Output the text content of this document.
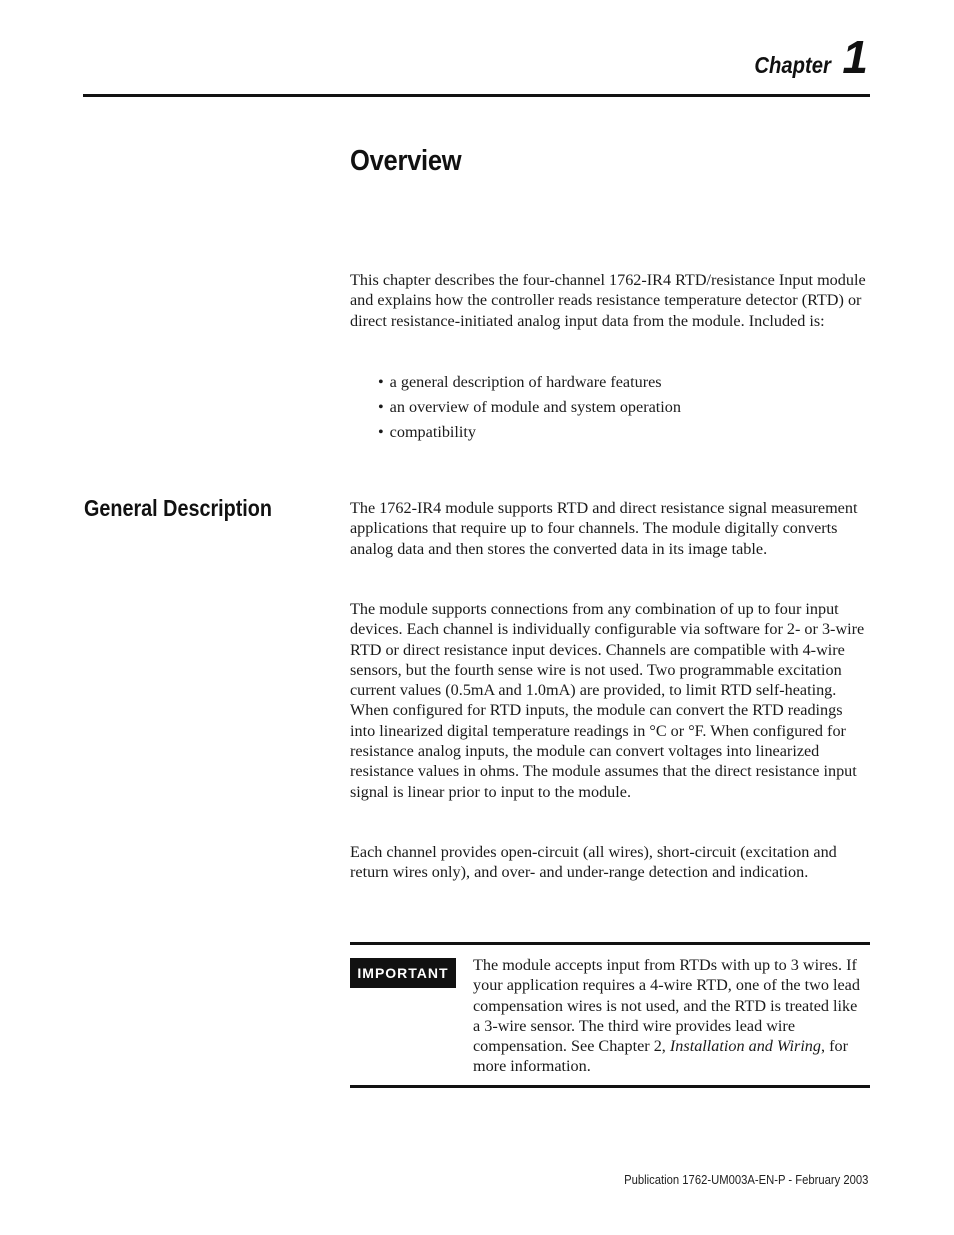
Chapter 1
Overview

This chapter describes the four-channel 1762-IR4 RTD/resistance Input module and explains how the controller reads resistance temperature detector (RTD) or direct resistance-initiated analog input data from the module. Included is:

• a general description of hardware features
• an overview of module and system operation
• compatibility
General Description	The 1762-IR4 module supports RTD and direct resistance signal measurement applications that require up to four channels. The module digitally converts analog data and then stores the converted data in its image table.

The module supports connections from any combination of up to four input devices. Each channel is individually configurable via software for 2- or 3-wire RTD or direct resistance input devices. Channels are compatible with 4-wire sensors, but the fourth sense wire is not used. Two programmable excitation current values (0.5mA and 1.0mA) are provided, to limit RTD self-heating. When configured for RTD inputs, the module can convert the RTD readings into linearized digital temperature readings in °C or °F. When configured for resistance analog inputs, the module can convert voltages into linearized resistance values in ohms. The module assumes that the direct resistance input signal is linear prior to input to the module.

Each channel provides open-circuit (all wires), short-circuit (excitation and return wires only), and over- and under-range detection and indication.

IMPORTANT	The module accepts input from RTDs with up to 3 wires. If your application requires a 4-wire RTD, one of the two lead compensation wires is not used, and the RTD is treated like a 3-wire sensor. The third wire provides lead wire compensation. See Chapter 2, Installation and Wiring, for more information.

Publication 1762-UM003A-EN-P - February 2003
